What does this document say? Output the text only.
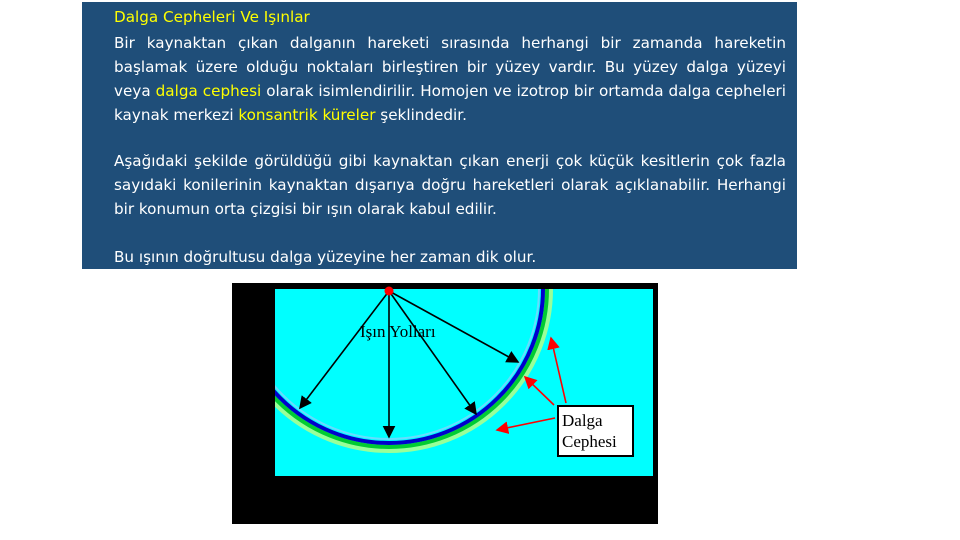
Dalga Cepheleri Ve Işınlar

Bir kaynaktan çıkan dalganın hareketi sırasında herhangi bir zamanda hareketin başlamak üzere olduğu noktaları birleştiren bir yüzey vardır. Bu yüzey dalga yüzeyi veya dalga cephesi olarak isimlendirilir. Homojen ve izotrop bir ortamda dalga cepheleri kaynak merkezi konsantrik küreler şeklindedir.

Aşağıdaki şekilde görüldüğü gibi kaynaktan çıkan enerji çok küçük kesitlerin çok fazla sayıdaki konilerinin kaynaktan dışarıya doğru hareketleri olarak açıklanabilir. Herhangi bir konumun orta çizgisi bir ışın olarak kabul edilir.

Bu ışının doğrultusu dalga yüzeyine her zaman dik olur.

Işın Yolları
Dalga
Cephesi
0
50
100
150
200
250
Depth (m)
0	100	200	300	400	500
Distance (m)
